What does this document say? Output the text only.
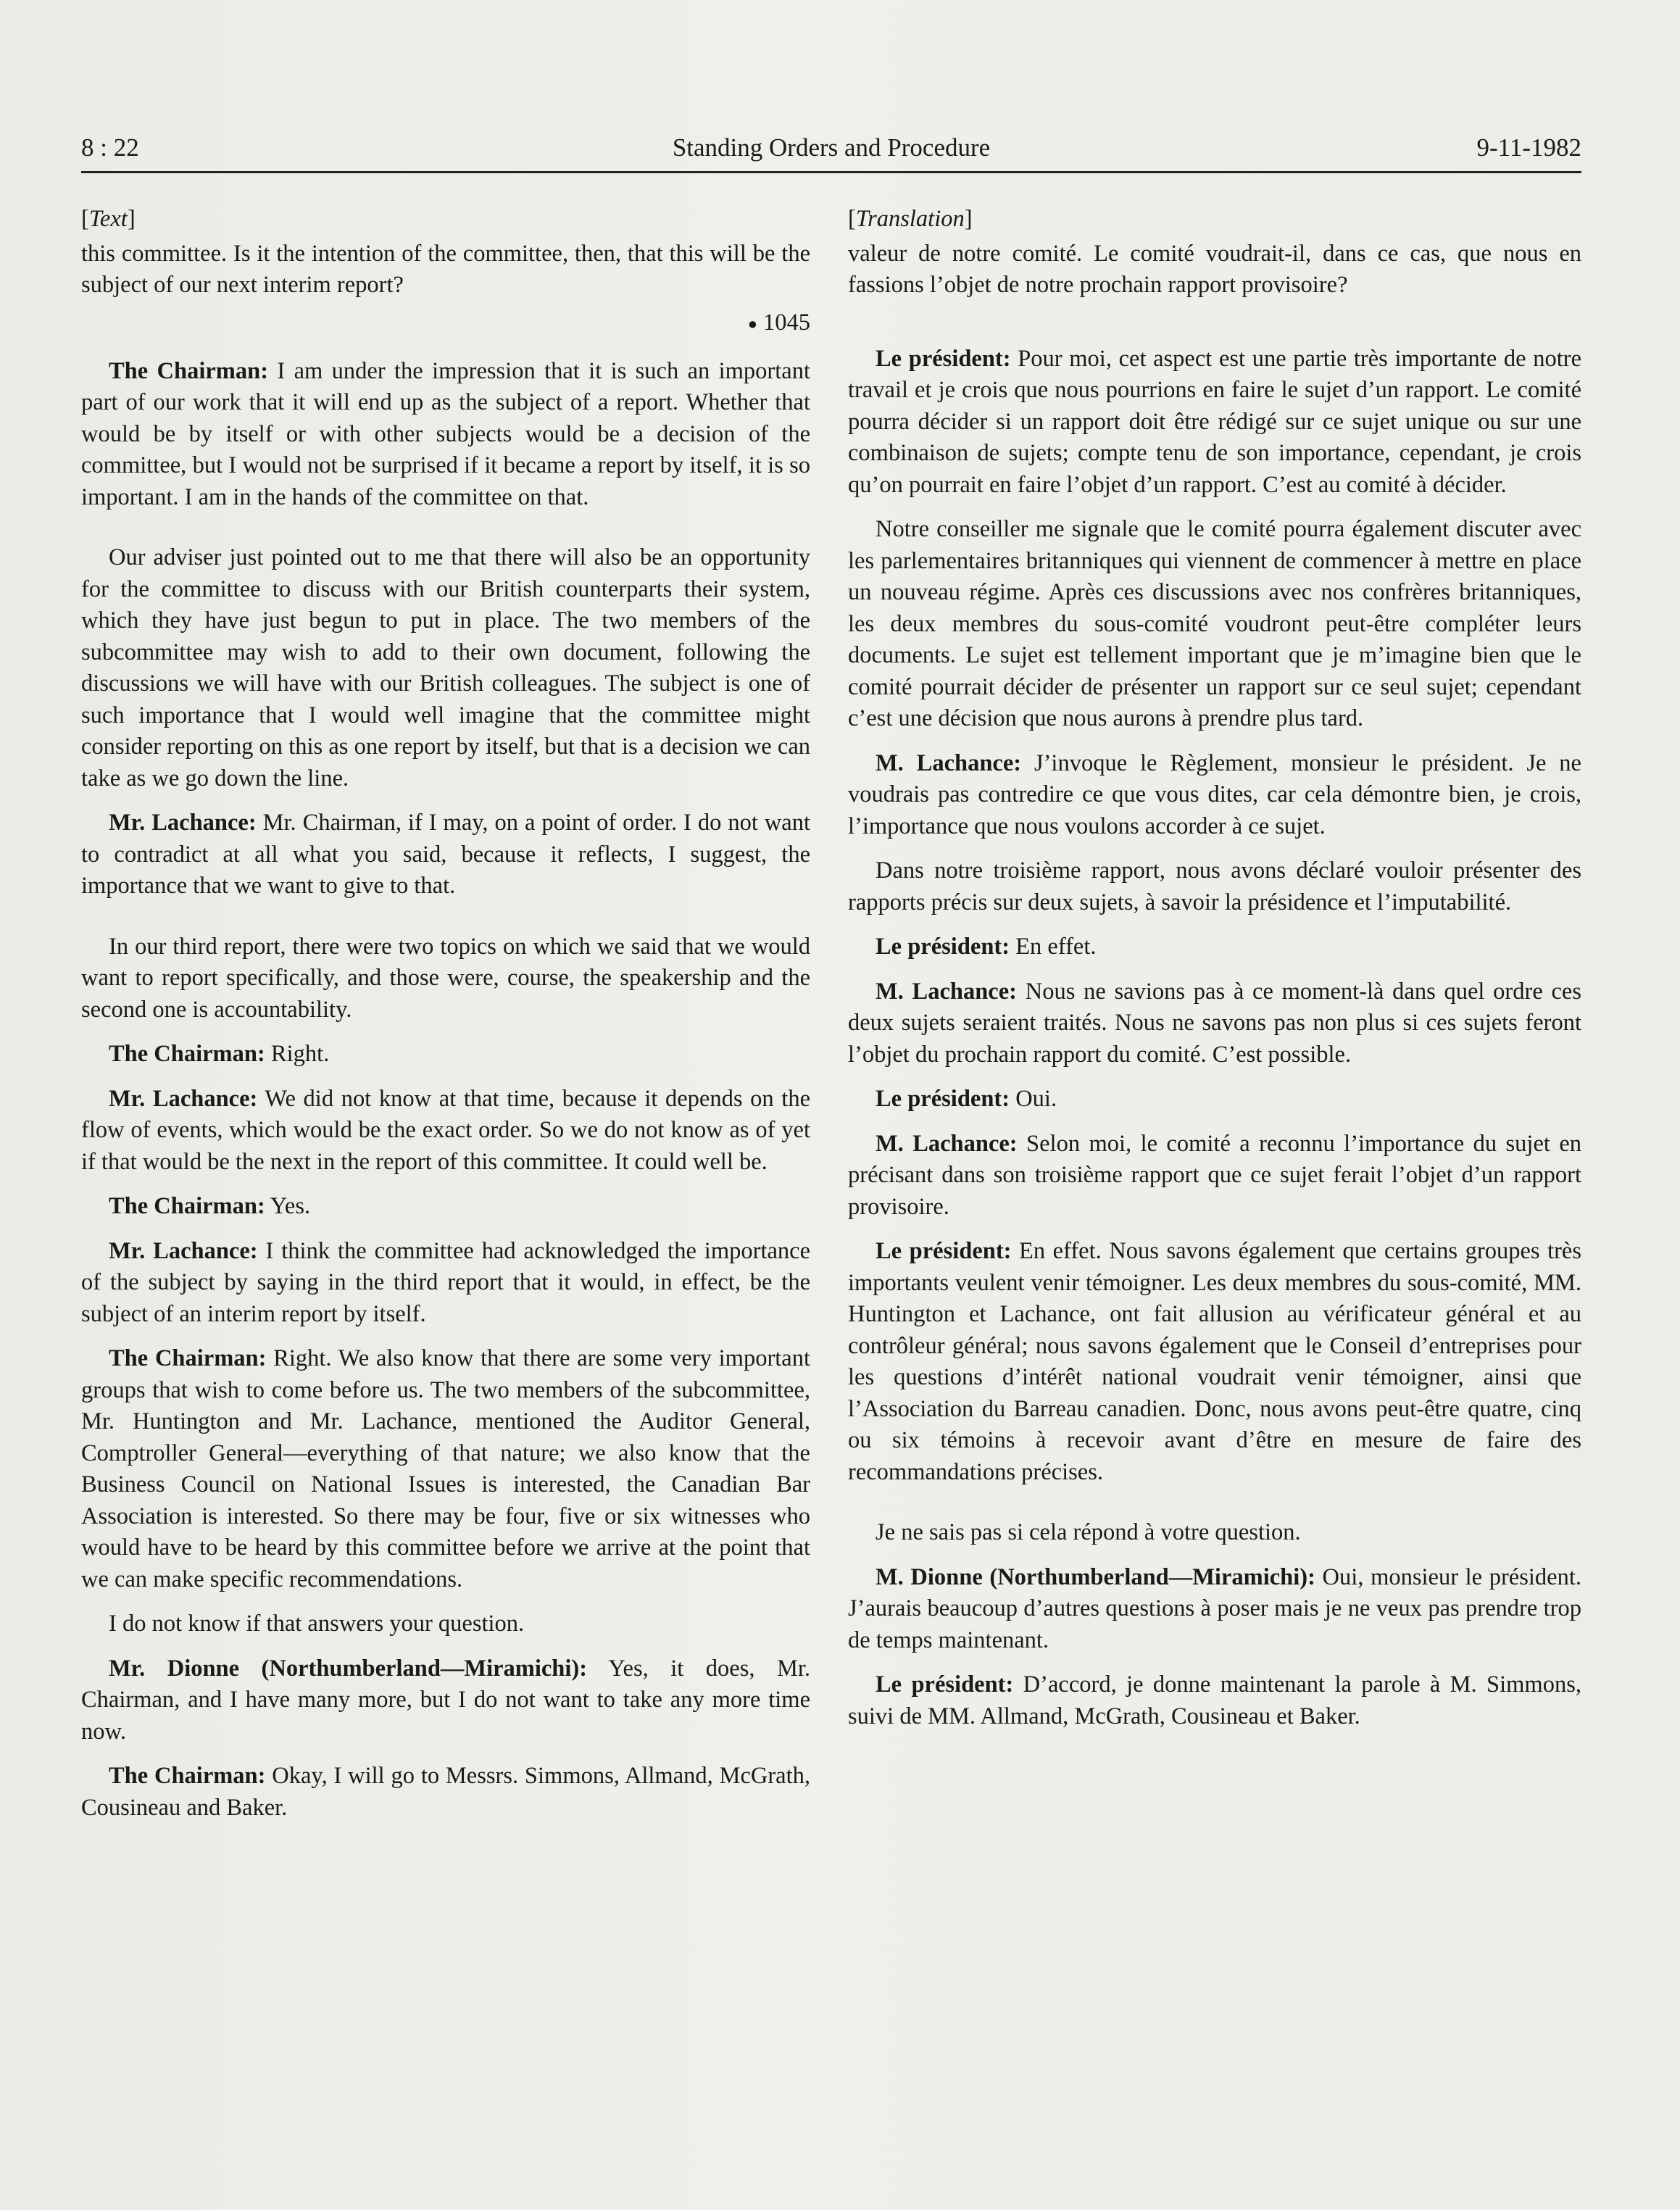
8 : 22	Standing Orders and Procedure	9-11-1982
[Text]

this committee. Is it the intention of the committee, then, that this will be the subject of our next interim report?

● 1045

The Chairman: I am under the impression that it is such an important part of our work that it will end up as the subject of a report. Whether that would be by itself or with other subjects would be a decision of the committee, but I would not be surprised if it became a report by itself, it is so important. I am in the hands of the committee on that.

Our adviser just pointed out to me that there will also be an opportunity for the committee to discuss with our British counterparts their system, which they have just begun to put in place. The two members of the subcommittee may wish to add to their own document, following the discussions we will have with our British colleagues. The subject is one of such importance that I would well imagine that the committee might consider reporting on this as one report by itself, but that is a decision we can take as we go down the line.

Mr. Lachance: Mr. Chairman, if I may, on a point of order. I do not want to contradict at all what you said, because it reflects, I suggest, the importance that we want to give to that.

In our third report, there were two topics on which we said that we would want to report specifically, and those were, course, the speakership and the second one is accountability.

The Chairman: Right.

Mr. Lachance: We did not know at that time, because it depends on the flow of events, which would be the exact order. So we do not know as of yet if that would be the next in the report of this committee. It could well be.

The Chairman: Yes.

Mr. Lachance: I think the committee had acknowledged the importance of the subject by saying in the third report that it would, in effect, be the subject of an interim report by itself.

The Chairman: Right. We also know that there are some very important groups that wish to come before us. The two members of the subcommittee, Mr. Huntington and Mr. Lachance, mentioned the Auditor General, Comptroller General—everything of that nature; we also know that the Business Council on National Issues is interested, the Canadian Bar Association is interested. So there may be four, five or six witnesses who would have to be heard by this committee before we arrive at the point that we can make specific recommendations.

I do not know if that answers your question.

Mr. Dionne (Northumberland—Miramichi): Yes, it does, Mr. Chairman, and I have many more, but I do not want to take any more time now.

The Chairman: Okay, I will go to Messrs. Simmons, Allmand, McGrath, Cousineau and Baker.

[Translation]

valeur de notre comité. Le comité voudrait-il, dans ce cas, que nous en fassions l’objet de notre prochain rapport provisoire?

Le président: Pour moi, cet aspect est une partie très importante de notre travail et je crois que nous pourrions en faire le sujet d’un rapport. Le comité pourra décider si un rapport doit être rédigé sur ce sujet unique ou sur une combinaison de sujets; compte tenu de son importance, cependant, je crois qu’on pourrait en faire l’objet d’un rapport. C’est au comité à décider.

Notre conseiller me signale que le comité pourra également discuter avec les parlementaires britanniques qui viennent de commencer à mettre en place un nouveau régime. Après ces discussions avec nos confrères britanniques, les deux membres du sous-comité voudront peut-être compléter leurs documents. Le sujet est tellement important que je m’imagine bien que le comité pourrait décider de présenter un rapport sur ce seul sujet; cependant c’est une décision que nous aurons à prendre plus tard.

M. Lachance: J’invoque le Règlement, monsieur le président. Je ne voudrais pas contredire ce que vous dites, car cela démontre bien, je crois, l’importance que nous voulons accorder à ce sujet.

Dans notre troisième rapport, nous avons déclaré vouloir présenter des rapports précis sur deux sujets, à savoir la présidence et l’imputabilité.

Le président: En effet.

M. Lachance: Nous ne savions pas à ce moment-là dans quel ordre ces deux sujets seraient traités. Nous ne savons pas non plus si ces sujets feront l’objet du prochain rapport du comité. C’est possible.

Le président: Oui.

M. Lachance: Selon moi, le comité a reconnu l’importance du sujet en précisant dans son troisième rapport que ce sujet ferait l’objet d’un rapport provisoire.

Le président: En effet. Nous savons également que certains groupes très importants veulent venir témoigner. Les deux membres du sous-comité, MM. Huntington et Lachance, ont fait allusion au vérificateur général et au contrôleur général; nous savons également que le Conseil d’entreprises pour les questions d’intérêt national voudrait venir témoigner, ainsi que l’Association du Barreau canadien. Donc, nous avons peut-être quatre, cinq ou six témoins à recevoir avant d’être en mesure de faire des recommandations précises.

Je ne sais pas si cela répond à votre question.

M. Dionne (Northumberland—Miramichi): Oui, monsieur le président. J’aurais beaucoup d’autres questions à poser mais je ne veux pas prendre trop de temps maintenant.

Le président: D’accord, je donne maintenant la parole à M. Simmons, suivi de MM. Allmand, McGrath, Cousineau et Baker.
